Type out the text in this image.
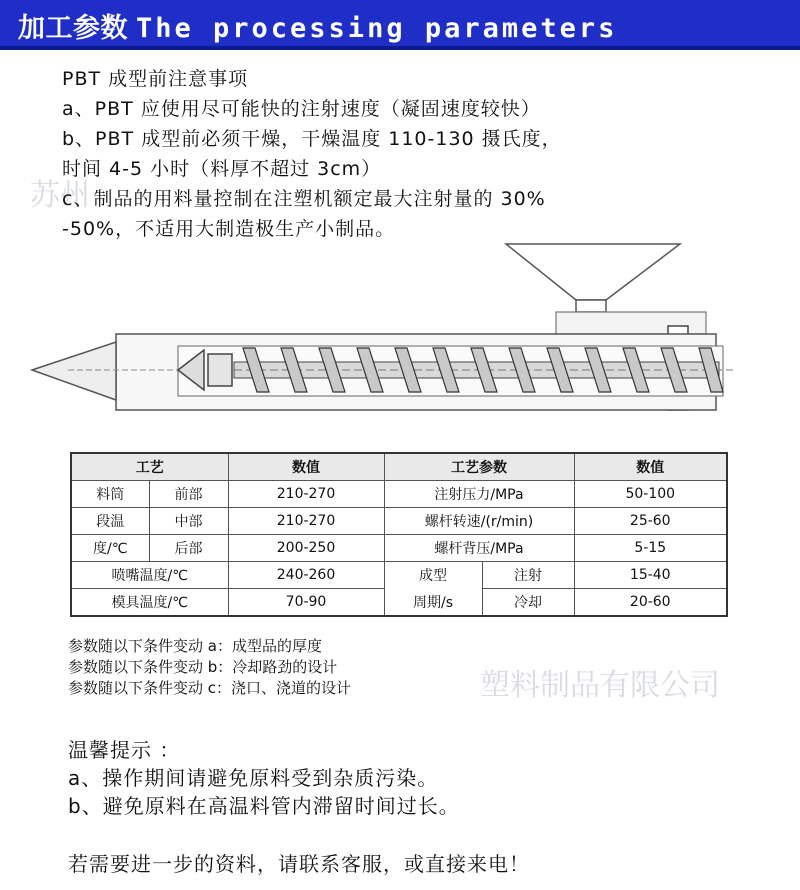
加工参数 The processing parameters
苏州
塑料制品有限公司
PBT 成型前注意事项
a、PBT 应使用尽可能快的注射速度（凝固速度较快）
b、PBT 成型前必须干燥，干燥温度 110-130 摄氏度，
时间 4-5 小时（料厚不超过 3cm）
c、制品的用料量控制在注塑机额定最大注射量的 30%
-50%，不适用大制造极生产小制品。
工艺		数值	工艺参数		数值
料筒	前部	210-270	注射压力/MPa		50-100
段温	中部	210-270	螺杆转速/(r/min)		25-60
度/℃	后部	200-250	螺杆背压/MPa		5-15
喷嘴温度/℃		240-260	成型	注射	15-40
模具温度/℃		70-90	周期/s	冷却	20-60
参数随以下条件变动 a：成型品的厚度
参数随以下条件变动 b：冷却路劲的设计
参数随以下条件变动 c：浇口、浇道的设计
温馨提示 ：
a、操作期间请避免原料受到杂质污染。
b、避免原料在高温料管内滞留时间过长。
若需要进一步的资料，请联系客服，或直接来电！
